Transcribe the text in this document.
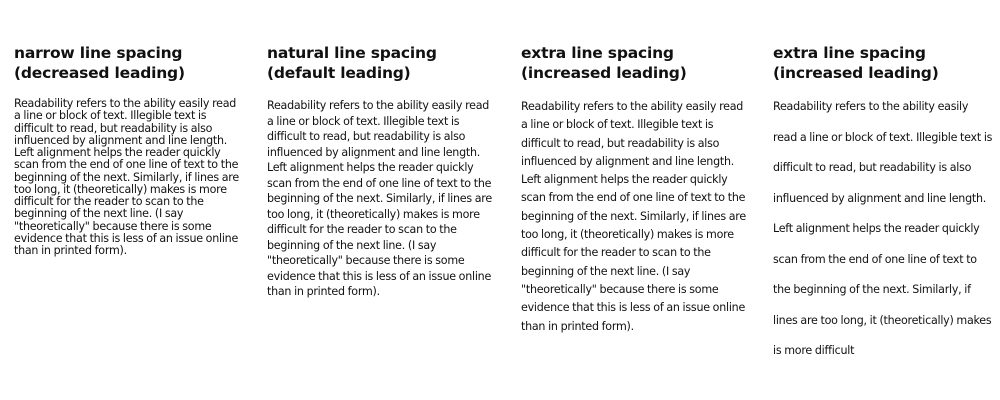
narrow line spacing
(decreased leading)

Readability refers to the ability easily read a line or block of text. Illegible text is difficult to read, but readability is also influenced by alignment and line length. Left alignment helps the reader quickly scan from the end of one line of text to the beginning of the next. Similarly, if lines are too long, it (theoretically) makes is more difficult for the reader to scan to the beginning of the next line. (I say "theoretically" because there is some evidence that this is less of an issue online than in printed form).

natural line spacing
(default leading)

Readability refers to the ability easily read a line or block of text. Illegible text is difficult to read, but readability is also influenced by alignment and line length. Left alignment helps the reader quickly scan from the end of one line of text to the beginning of the next. Similarly, if lines are too long, it (theoretically) makes is more difficult for the reader to scan to the beginning of the next line. (I say "theoretically" because there is some evidence that this is less of an issue online than in printed form).

extra line spacing
(increased leading)

Readability refers to the ability easily read a line or block of text. Illegible text is difficult to read, but readability is also influenced by alignment and line length. Left alignment helps the reader quickly scan from the end of one line of text to the beginning of the next. Similarly, if lines are too long, it (theoretically) makes is more difficult for the reader to scan to the beginning of the next line. (I say "theoretically" because there is some evidence that this is less of an issue online than in printed form).

extra line spacing
(increased leading)

Readability refers to the ability easily read a line or block of text. Illegible text is difficult to read, but readability is also influenced by alignment and line length. Left alignment helps the reader quickly scan from the end of one line of text to the beginning of the next. Similarly, if lines are too long, it (theoretically) makes is more difficult
